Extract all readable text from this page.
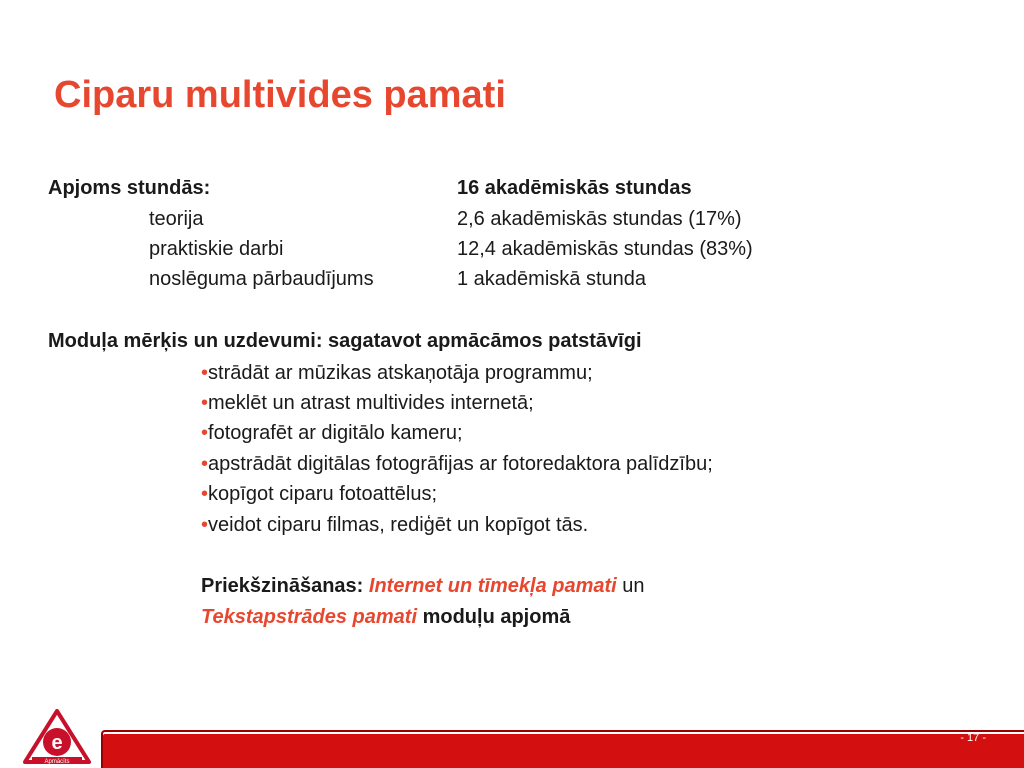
Ciparu multivides pamati
Apjoms stundās:	16 akadēmiskās stundas
teorija	2,6 akadēmiskās stundas (17%)
praktiskie darbi	12,4 akadēmiskās stundas (83%)
noslēguma pārbaudījums	1 akadēmiskā stunda
Moduļa mērķis un uzdevumi: sagatavot apmācāmos patstāvīgi
•strādāt ar mūzikas atskaņotāja programmu;
•meklēt un atrast multivides internetā;
•fotografēt ar digitālo kameru;
•apstrādāt digitālas fotogrāfijas ar fotoredaktora palīdzību;
•kopīgot ciparu fotoattēlus;
•veidot ciparu filmas, rediģēt un kopīgot tās.
Priekšzināšanas: Internet un tīmekļa pamati un
Tekstapstrādes pamati moduļu apjomā
e
Apmācīts
- 17 -
